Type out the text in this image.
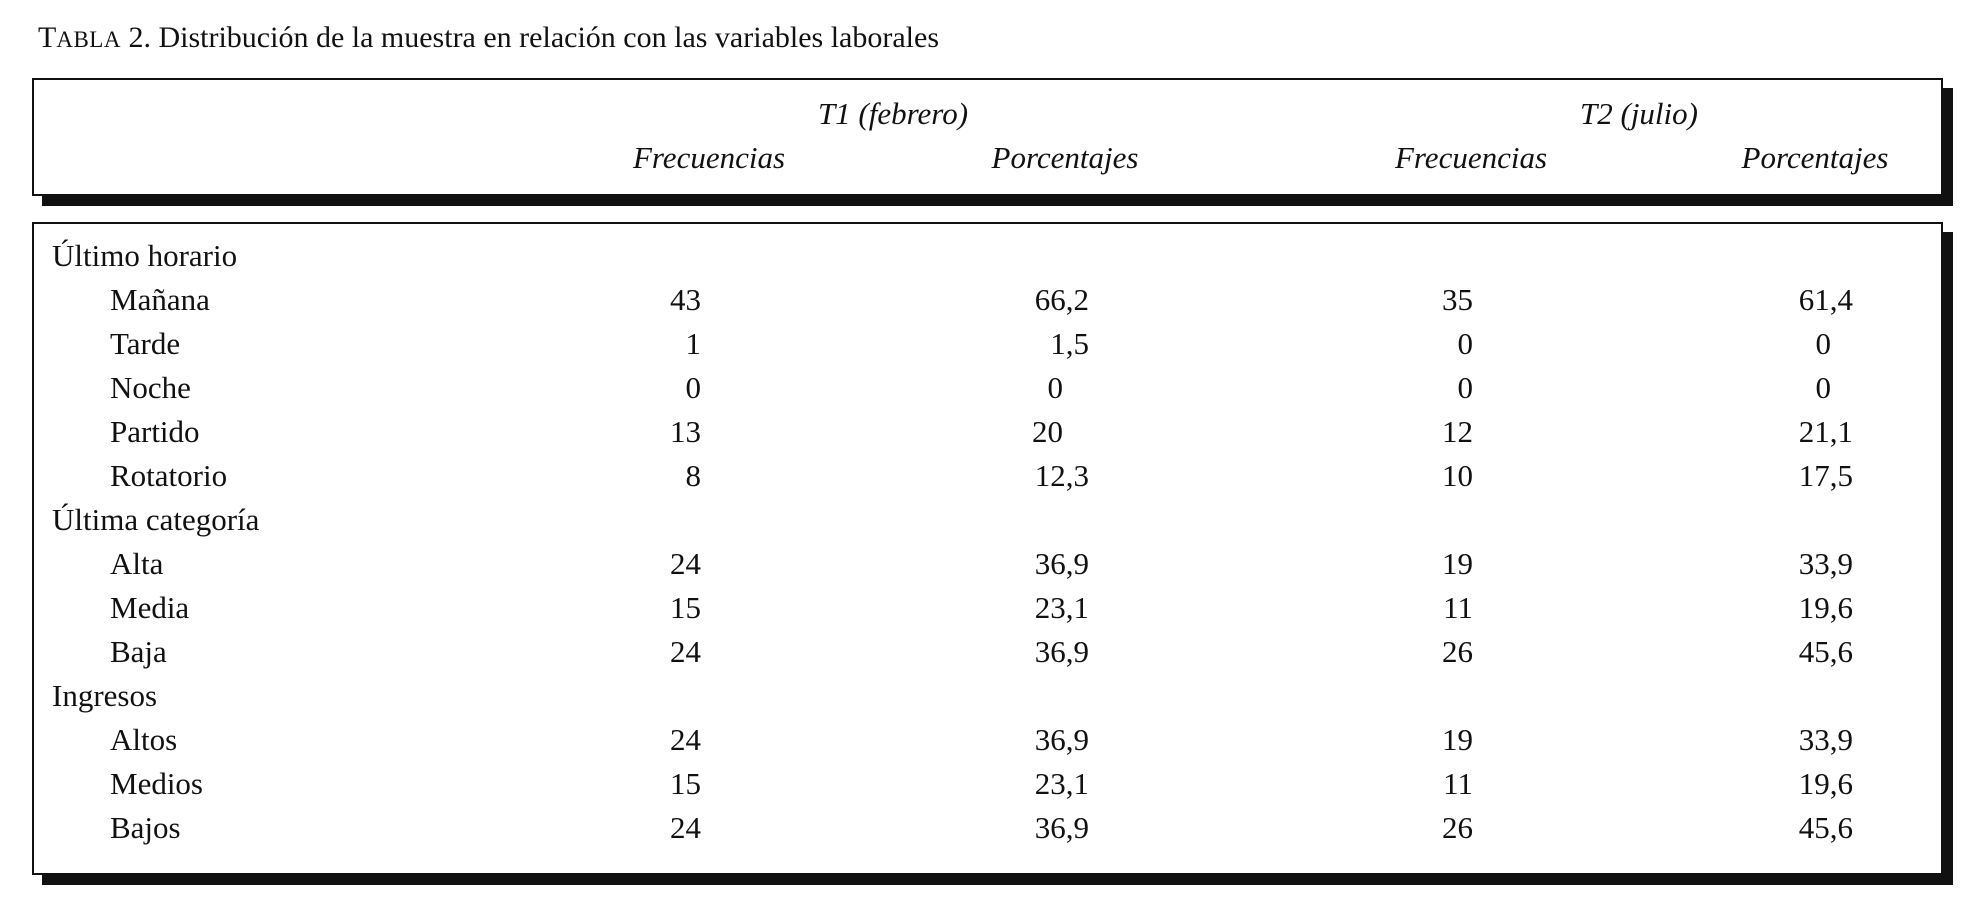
TABLA 2. Distribución de la muestra en relación con las variables laborales
T1 (febrero)	T2 (julio)
Frecuencias	Porcentajes	Frecuencias	Porcentajes
Último horario
Mañana	43	66,2	35	61,4
Tarde	1	1,5	0	0
Noche	0	0	0	0
Partido	13	20	12	21,1
Rotatorio	8	12,3	10	17,5
Última categoría
Alta	24	36,9	19	33,9
Media	15	23,1	11	19,6
Baja	24	36,9	26	45,6
Ingresos
Altos	24	36,9	19	33,9
Medios	15	23,1	11	19,6
Bajos	24	36,9	26	45,6
